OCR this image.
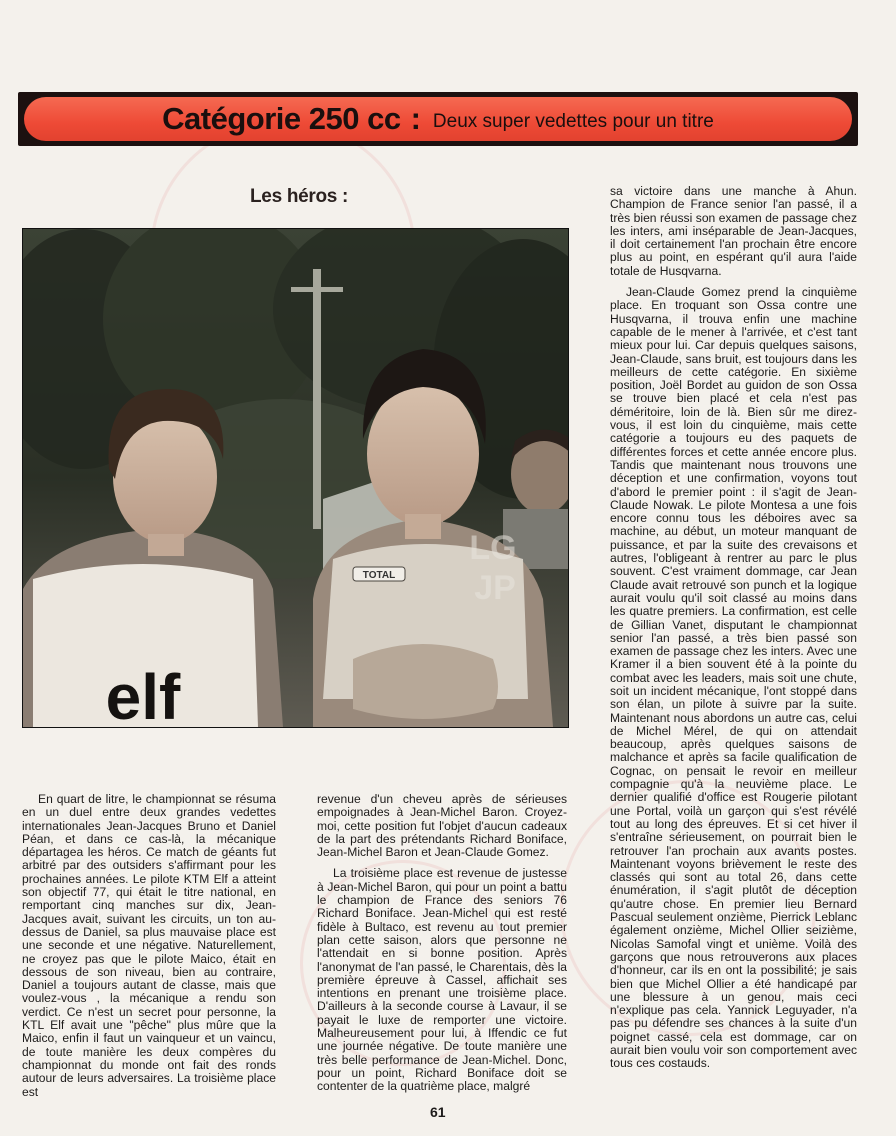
Catégorie 250 cc : Deux super vedettes pour un titre
Les héros :
TOTAL
elf
LG
JP

sa victoire dans une manche à Ahun. Champion de France senior l'an passé, il a très bien réussi son examen de passage chez les inters, ami inséparable de Jean-Jacques, il doit certainement l'an prochain être encore plus au point, en espérant qu'il aura l'aide totale de Husqvarna.

Jean-Claude Gomez prend la cinquième place. En troquant son Ossa contre une Husqvarna, il trouva enfin une machine capable de le mener à l'arrivée, et c'est tant mieux pour lui. Car depuis quelques saisons, Jean-Claude, sans bruit, est toujours dans les meilleurs de cette catégorie. En sixième position, Joël Bordet au guidon de son Ossa se trouve bien placé et cela n'est pas déméritoire, loin de là. Bien sûr me direz-vous, il est loin du cinquième, mais cette catégorie a toujours eu des paquets de différentes forces et cette année encore plus. Tandis que maintenant nous trouvons une déception et une confirmation, voyons tout d'abord le premier point : il s'agit de Jean-Claude Nowak. Le pilote Montesa a une fois encore connu tous les déboires avec sa machine, au début, un moteur manquant de puissance, et par la suite des crevaisons et autres, l'obligeant à rentrer au parc le plus souvent. C'est vraiment dommage, car Jean Claude avait retrouvé son punch et la logique aurait voulu qu'il soit classé au moins dans les quatre premiers. La confirmation, est celle de Gillian Vanet, disputant le championnat senior l'an passé, a très bien passé son examen de passage chez les inters. Avec une Kramer il a bien souvent été à la pointe du combat avec les leaders, mais soit une chute, soit un incident mécanique, l'ont stoppé dans son élan, un pilote à suivre par la suite. Maintenant nous abordons un autre cas, celui de Michel Mérel, de qui on attendait beaucoup, après quelques saisons de malchance et après sa facile qualification de Cognac, on pensait le revoir en meilleur compagnie qu'à la neuvième place. Le dernier qualifié d'office est Rougerie pilotant une Portal, voilà un garçon qui s'est révélé tout au long des épreuves. Et si cet hiver il s'entraîne sérieusement, on pourrait bien le retrouver l'an prochain aux avants postes. Maintenant voyons brièvement le reste des classés qui sont au total 26, dans cette énumération, il s'agit plutôt de déception qu'autre chose. En premier lieu Bernard Pascual seulement onzième, Pierrick Leblanc également onzième, Michel Ollier seizième, Nicolas Samofal vingt et unième. Voilà des garçons que nous retrouverons aux places d'honneur, car ils en ont la possibilité; je sais bien que Michel Ollier a été handicapé par une blessure à un genou, mais ceci n'explique pas cela. Yannick Leguyader, n'a pas pu défendre ses chances à la suite d'un poignet cassé, cela est dommage, car on aurait bien voulu voir son comportement avec tous ces costauds.

En quart de litre, le championnat se résuma en un duel entre deux grandes vedettes internationales Jean-Jacques Bruno et Daniel Péan, et dans ce cas-là, la mécanique départagea les héros. Ce match de géants fut arbitré par des outsiders s'affirmant pour les prochaines années. Le pilote KTM Elf a atteint son objectif 77, qui était le titre national, en remportant cinq manches sur dix, Jean-Jacques avait, suivant les circuits, un ton au-dessus de Daniel, sa plus mauvaise place est une seconde et une négative. Naturellement, ne croyez pas que le pilote Maico, était en dessous de son niveau, bien au contraire, Daniel a toujours autant de classe, mais que voulez-vous , la mécanique a rendu son verdict. Ce n'est un secret pour personne, la KTL Elf avait une "pêche" plus mûre que la Maico, enfin il faut un vainqueur et un vaincu, de toute manière les deux compères du championnat du monde ont fait des ronds autour de leurs adversaires. La troisième place est

revenue d'un cheveu après de sérieuses empoignades à Jean-Michel Baron. Croyez-moi, cette position fut l'objet d'aucun cadeaux de la part des prétendants Richard Boniface, Jean-Michel Baron et Jean-Claude Gomez.

La troisième place est revenue de justesse à Jean-Michel Baron, qui pour un point a battu le champion de France des seniors 76 Richard Boniface. Jean-Michel qui est resté fidèle à Bultaco, est revenu au tout premier plan cette saison, alors que personne ne l'attendait en si bonne position. Après l'anonymat de l'an passé, le Charentais, dès la première épreuve à Cassel, affichait ses intentions en prenant une troisième place. D'ailleurs à la seconde course à Lavaur, il se payait le luxe de remporter une victoire. Malheureusement pour lui, à Iffendic ce fut une journée négative. De toute manière une très belle performance de Jean-Michel. Donc, pour un point, Richard Boniface doit se contenter de la quatrième place, malgré

61
